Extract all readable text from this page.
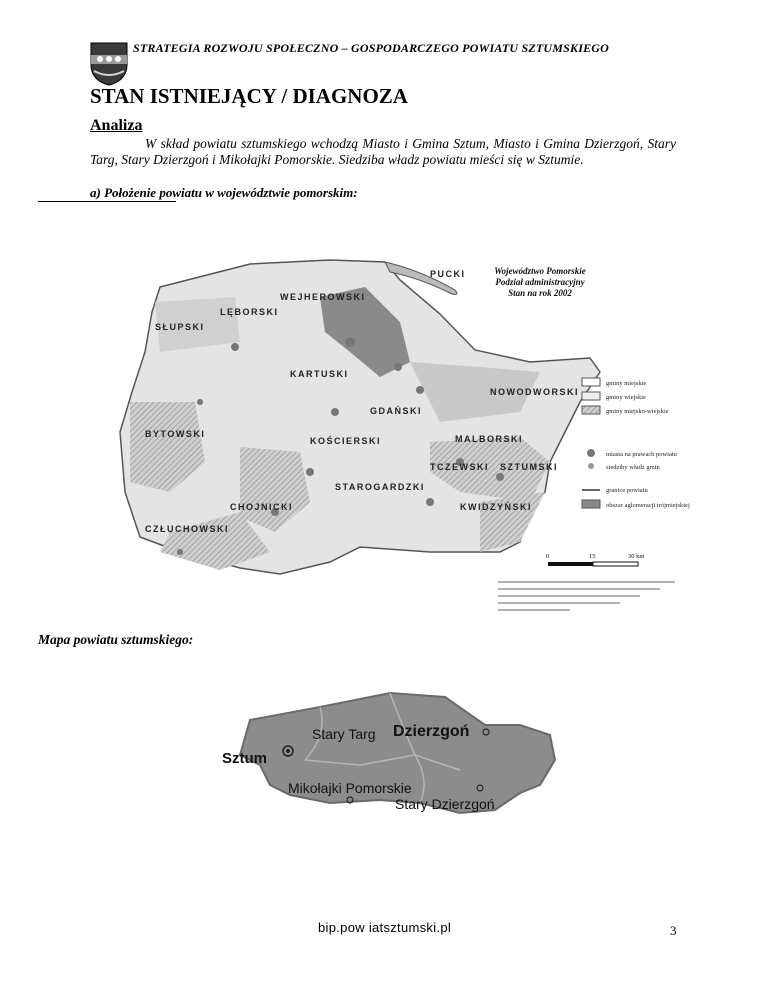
STRATEGIA ROZWOJU SPOŁECZNO – GOSPODARCZEGO POWIATU SZTUMSKIEGO
STAN ISTNIEJĄCY / DIAGNOZA
Analiza
W skład powiatu sztumskiego wchodzą Miasto i Gmina Sztum, Miasto i Gmina Dzierzgoń, Stary Targ, Stary Dzierzgoń i Mikołajki Pomorskie. Siedziba władz powiatu mieści się w Sztumie.
a) Położenie powiatu w województwie pomorskim:
PUCKI
WEJHEROWSKI
LĘBORSKI
SŁUPSKI
KARTUSKI
GDAŃSKI
NOWODWORSKI
BYTOWSKI
KOŚCIERSKI	MALBORSKI
TCZEWSKI SZTUMSKI
STAROGARDZKI
CHOJNICKI	KWIDZYŃSKI
CZŁUCHOWSKI
Województwo Pomorskie
Podział administracyjny
Stan na rok 2002
gminy miejskie
gminy wiejskie
gminy miejsko-wiejskie
miasta na prawach powiatu
siedziby władz gmin
granice powiatu
obszar aglomeracji trójmiejskiej
0	15	30 km
Mapa powiatu sztumskiego:
Sztum
Stary Targ Dzierzgoń
Mikołajki Pomorskie
Stary Dzierzgoń
bip.pow iatsztumski.pl	3
